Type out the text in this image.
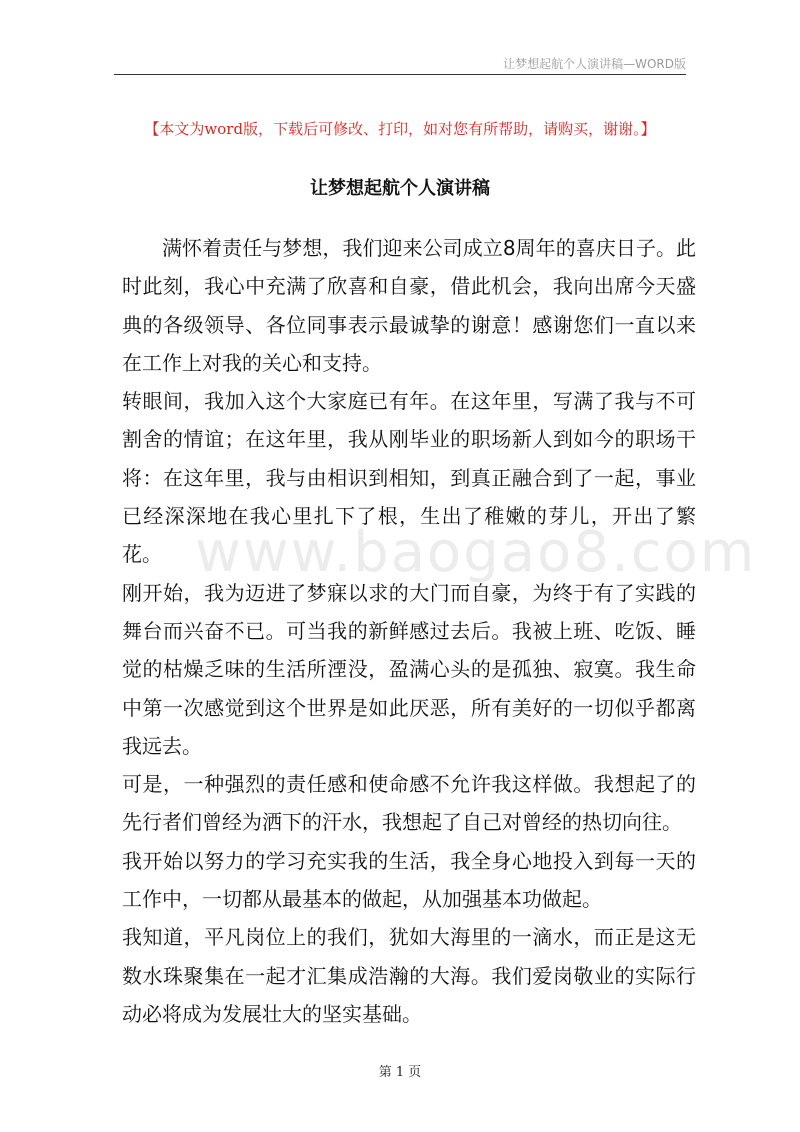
让梦想起航个人演讲稿—WORD版
【本文为word版，下载后可修改、打印，如对您有所帮助，请购买，谢谢。】
让梦想起航个人演讲稿

满怀着责任与梦想，我们迎来公司成立8周年的喜庆日子。此时此刻，我心中充满了欣喜和自豪，借此机会，我向出席今天盛典的各级领导、各位同事表示最诚挚的谢意！感谢您们一直以来在工作上对我的关心和支持。

转眼间，我加入这个大家庭已有年。在这年里，写满了我与不可割舍的情谊；在这年里，我从刚毕业的职场新人到如今的职场干将：在这年里，我与由相识到相知，到真正融合到了一起，事业已经深深地在我心里扎下了根，生出了稚嫩的芽儿，开出了繁花。

刚开始，我为迈进了梦寐以求的大门而自豪，为终于有了实践的舞台而兴奋不已。可当我的新鲜感过去后。我被上班、吃饭、睡觉的枯燥乏味的生活所湮没，盈满心头的是孤独、寂寞。我生命中第一次感觉到这个世界是如此厌恶，所有美好的一切似乎都离我远去。

可是，一种强烈的责任感和使命感不允许我这样做。我想起了的先行者们曾经为洒下的汗水，我想起了自己对曾经的热切向往。

我开始以努力的学习充实我的生活，我全身心地投入到每一天的工作中，一切都从最基本的做起，从加强基本功做起。

我知道，平凡岗位上的我们，犹如大海里的一滴水，而正是这无数水珠聚集在一起才汇集成浩瀚的大海。我们爱岗敬业的实际行动必将成为发展壮大的坚实基础。

www.baogao8.com
第 1 页
